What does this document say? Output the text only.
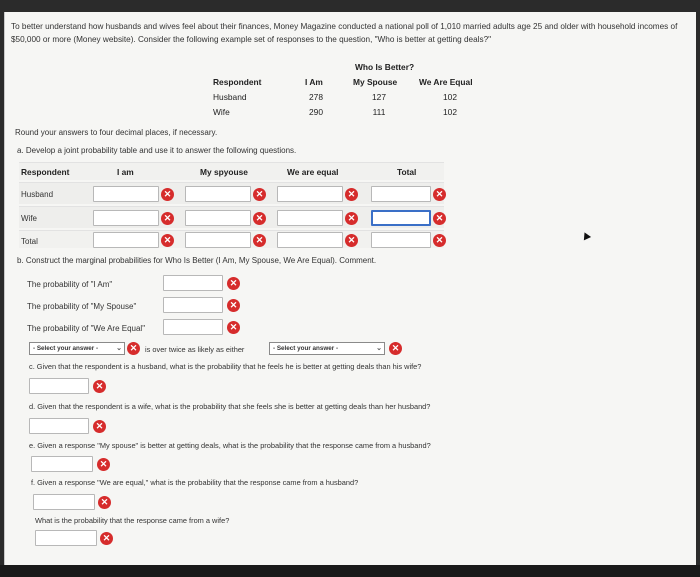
To better understand how husbands and wives feel about their finances, Money Magazine conducted a national poll of 1,010 married adults age 25 and older with household incomes of $50,000 or more (Money website). Consider the following example set of responses to the question, "Who is better at getting deals?"
Who Is Better?
Respondent	I Am	My Spouse	We Are Equal
Husband	278	127	102
Wife	290	111	102
Round your answers to four decimal places, if necessary.
a. Develop a joint probability table and use it to answer the following questions.
Respondent	I am	My spyouse	We are equal	Total
Husband	✕	✕	✕	✕
Wife	✕	✕	✕	✕
Total	✕	✕	✕	✕
b. Construct the marginal probabilities for Who Is Better (I Am, My Spouse, We Are Equal). Comment.
The probability of "I Am"	✕
The probability of "My Spouse"	✕
The probability of "We Are Equal"	✕
- Select your answer -	⌄ ✕	is over twice as likely as either	- Select your answer -	⌄	✕
c. Given that the respondent is a husband, what is the probability that he feels he is better at getting deals than his wife?
✕
d. Given that the respondent is a wife, what is the probability that she feels she is better at getting deals than her husband?
✕
e. Given a response "My spouse" is better at getting deals, what is the probability that the response came from a husband?
✕
f. Given a response "We are equal," what is the probability that the response came from a husband?
✕
What is the probability that the response came from a wife?
✕
